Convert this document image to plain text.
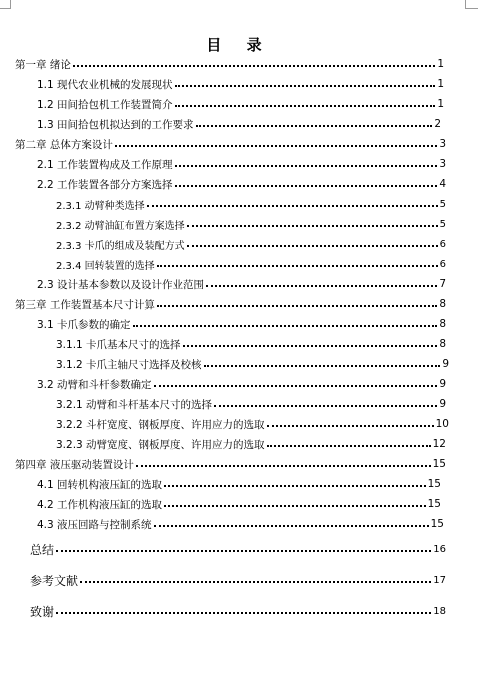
目 录
第一章 绪论	1
1.1 现代农业机械的发展现状	1
1.2 田间拾包机工作装置简介	1
1.3 田间拾包机拟达到的工作要求	2
第二章 总体方案设计	3
2.1 工作装置构成及工作原理	3
2.2 工作装置各部分方案选择	4
2.3.1 动臂种类选择	5
2.3.2 动臂油缸布置方案选择	5
2.3.3 卡爪的组成及装配方式	6
2.3.4 回转装置的选择	6
2.3 设计基本参数以及设计作业范围	7
第三章 工作装置基本尺寸计算	8
3.1 卡爪参数的确定	8
3.1.1 卡爪基本尺寸的选择	8
3.1.2 卡爪主轴尺寸选择及校核	9
3.2 动臂和斗杆参数确定	9
3.2.1 动臂和斗杆基本尺寸的选择	9
3.2.2 斗杆宽度、钢板厚度、许用应力的选取	10
3.2.3 动臂宽度、钢板厚度、许用应力的选取	12
第四章 液压驱动装置设计	15
4.1 回转机构液压缸的选取	15
4.2 工作机构液压缸的选取	15
4.3 液压回路与控制系统	15
总结	16
参考文献	17
致谢	18
